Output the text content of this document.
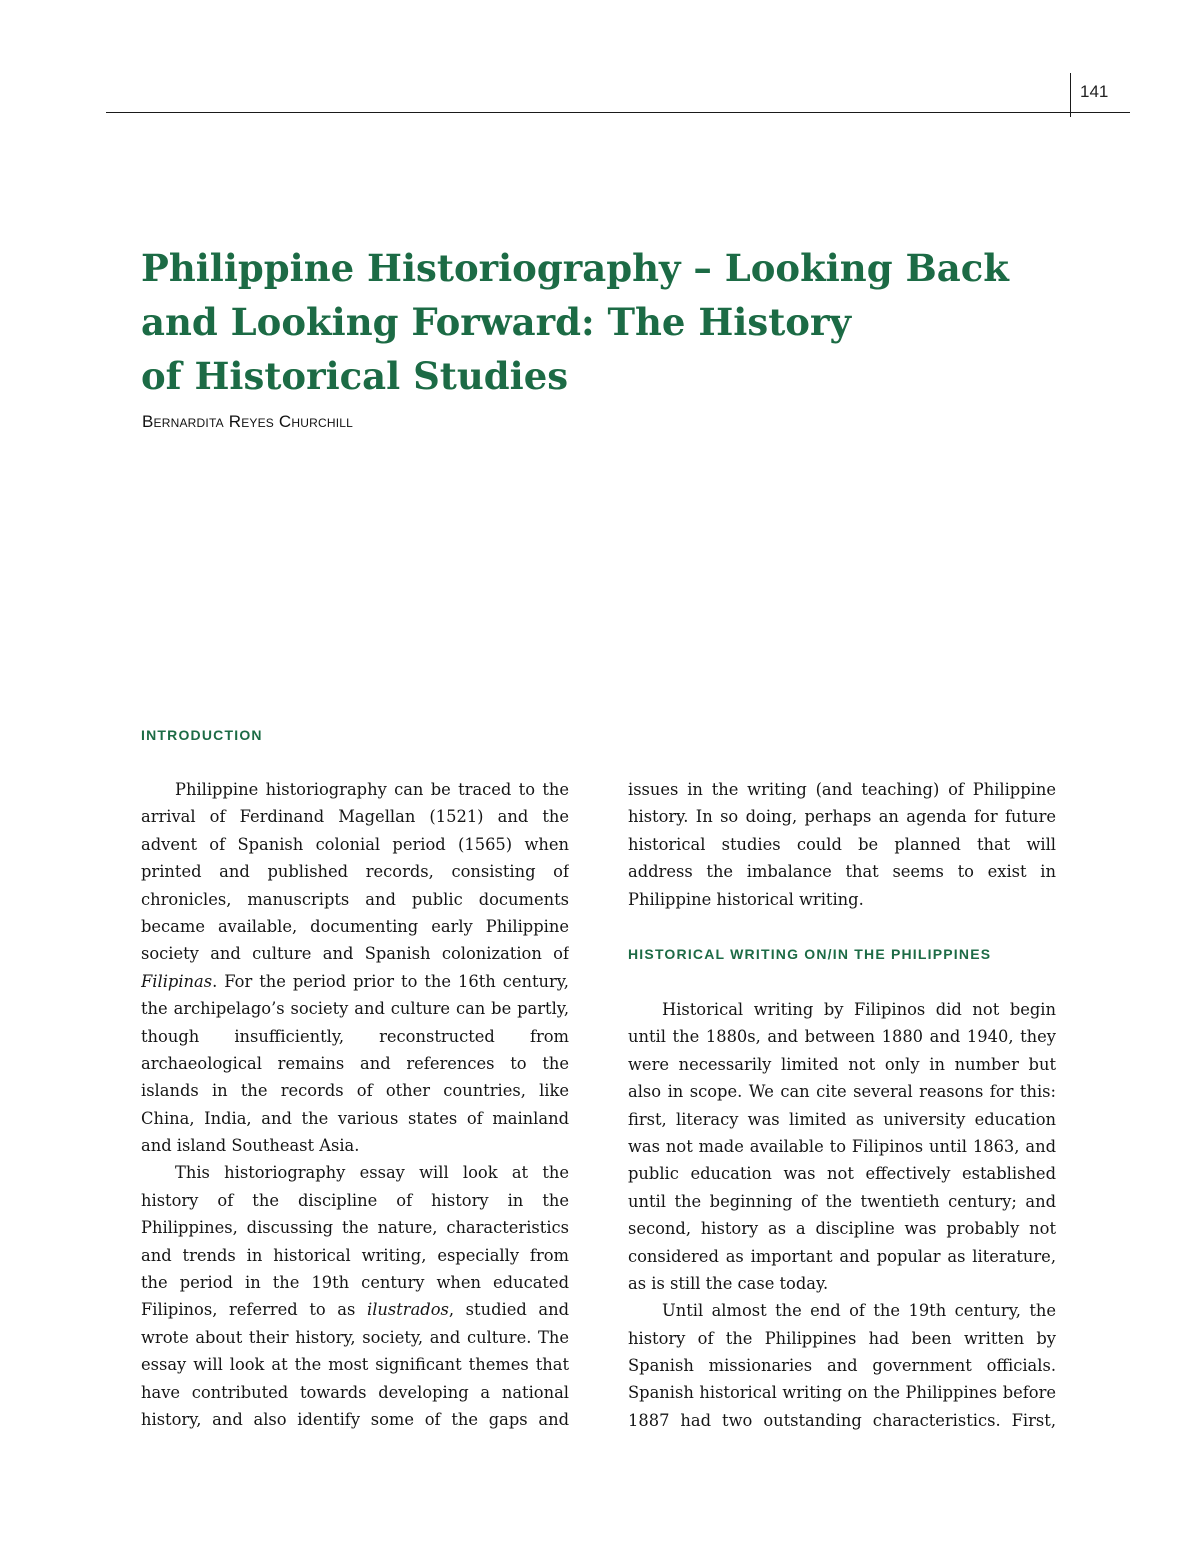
141
Philippine Historiography – Looking Back
and Looking Forward: The History
of Historical Studies
Bernardita Reyes Churchill
INTRODUCTION

Philippine historiography can be traced to the
arrival of Ferdinand Magellan (1521) and the
advent of Spanish colonial period (1565) when
printed and published records, consisting of
chronicles, manuscripts and public documents
became available, documenting early Philippine
society and culture and Spanish colonization of
Filipinas. For the period prior to the 16th century,
the archipelago’s society and culture can be partly,
though insufficiently, reconstructed from
archaeological remains and references to the
islands in the records of other countries, like
China, India, and the various states of mainland
and island Southeast Asia.

This historiography essay will look at the
history of the discipline of history in the
Philippines, discussing the nature, characteristics
and trends in historical writing, especially from
the period in the 19th century when educated
Filipinos, referred to as ilustrados, studied and
wrote about their history, society, and culture. The
essay will look at the most significant themes that
have contributed towards developing a national
history, and also identify some of the gaps and

issues in the writing (and teaching) of Philippine
history. In so doing, perhaps an agenda for future
historical studies could be planned that will
address the imbalance that seems to exist in
Philippine historical writing.

HISTORICAL WRITING ON/IN THE PHILIPPINES

Historical writing by Filipinos did not begin
until the 1880s, and between 1880 and 1940, they
were necessarily limited not only in number but
also in scope. We can cite several reasons for this:
first, literacy was limited as university education
was not made available to Filipinos until 1863, and
public education was not effectively established
until the beginning of the twentieth century; and
second, history as a discipline was probably not
considered as important and popular as literature,
as is still the case today.

Until almost the end of the 19th century, the
history of the Philippines had been written by
Spanish missionaries and government officials.
Spanish historical writing on the Philippines before
1887 had two outstanding characteristics. First,
